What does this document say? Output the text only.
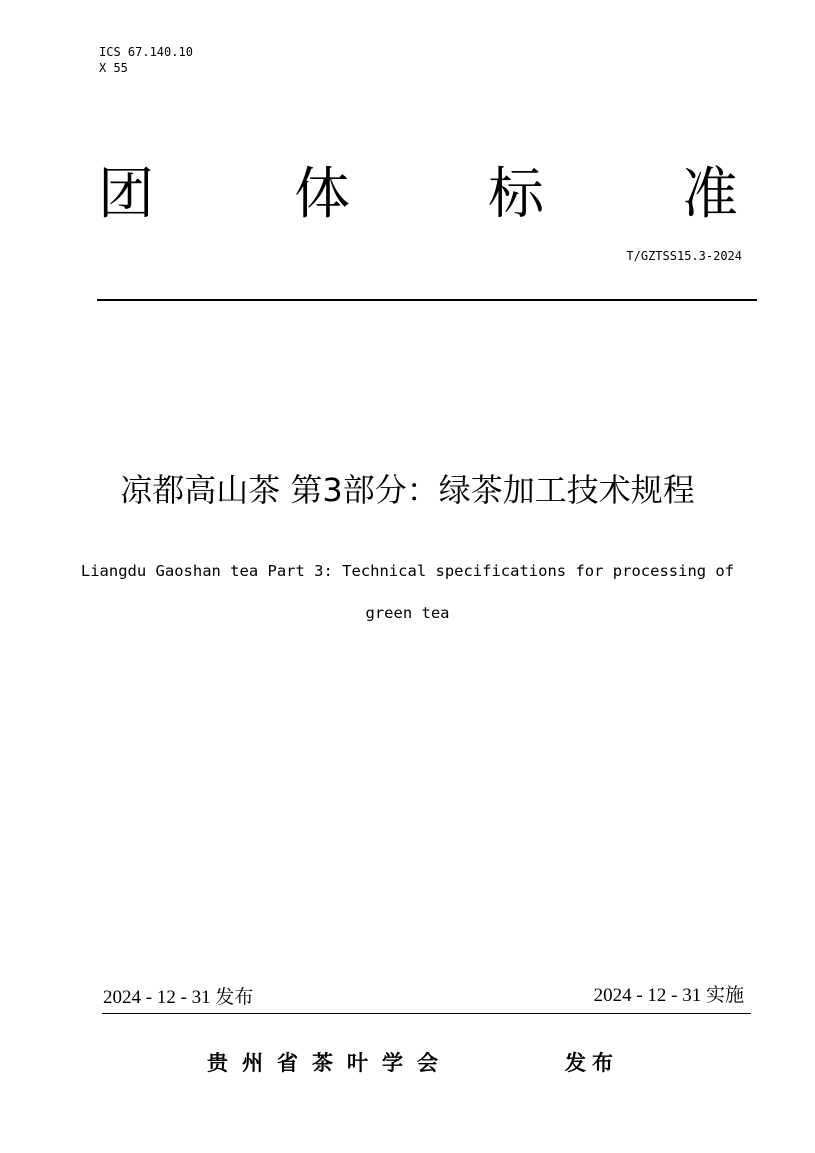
ICS 67.140.10
X 55
团	体 标 准
T/GZTSS15.3-2024
凉都高山茶 第3部分：绿茶加工技术规程
Liangdu Gaoshan tea Part 3: Technical specifications for processing of green tea
2024 - 12 - 31 发布	2024 - 12 - 31 实施
贵州省茶叶学会	发布
